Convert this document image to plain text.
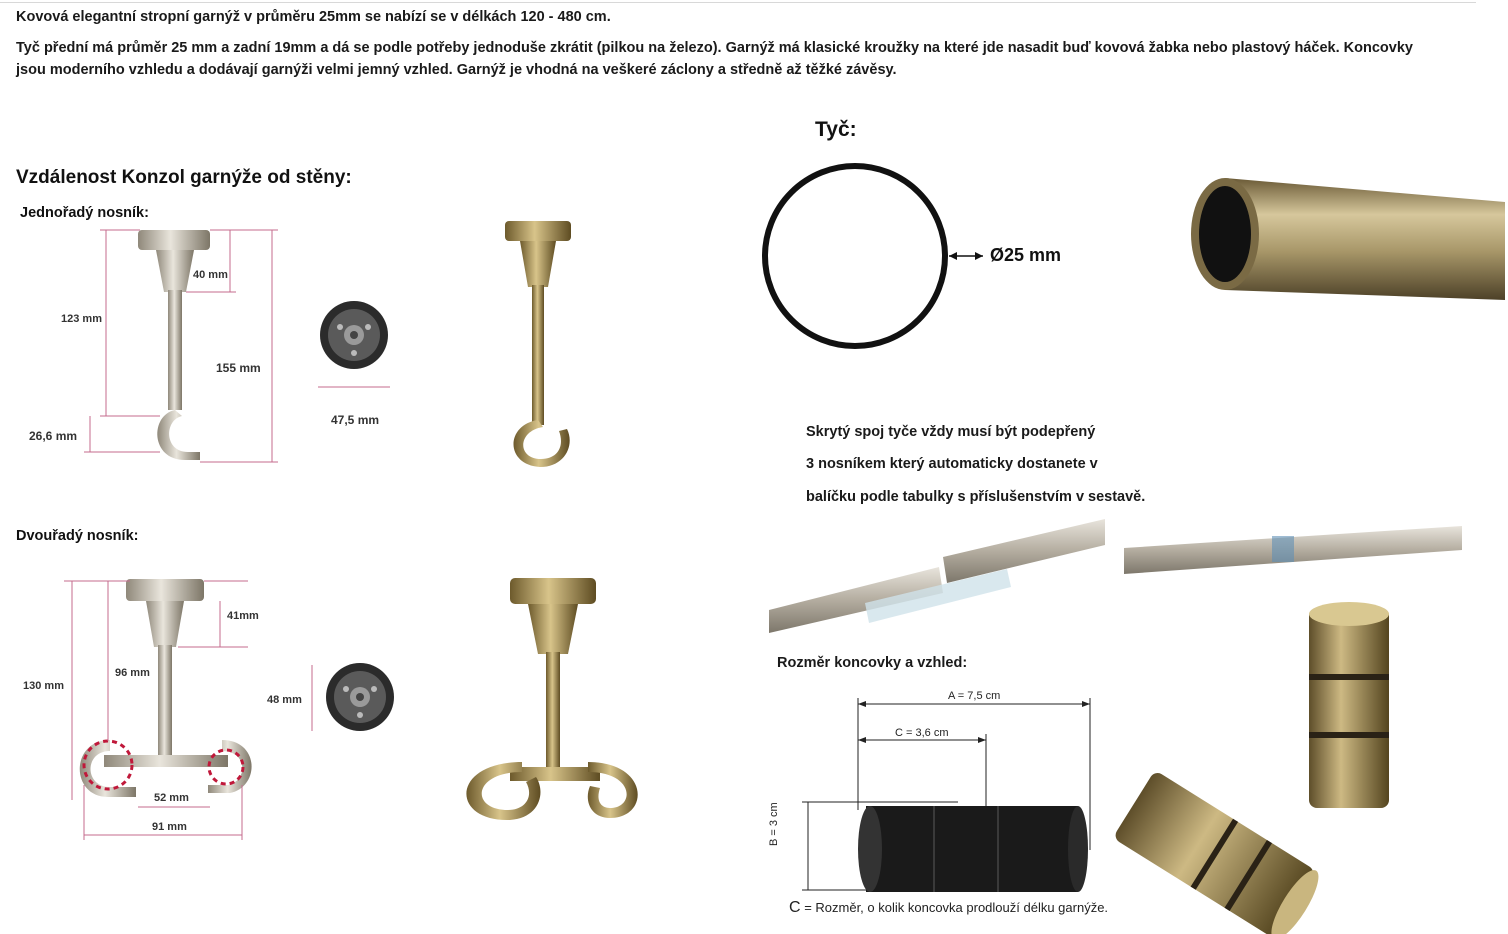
Kovová elegantní stropní garnýž v průměru 25mm se nabízí se v délkách 120 - 480 cm.
Tyč přední má průměr 25 mm a zadní 19mm a dá se podle potřeby jednoduše zkrátit (pilkou na železo). Garnýž má klasické kroužky na které jde nasadit buď kovová žabka nebo plastový háček. Koncovky
jsou moderního vzhledu a dodávají garnýži velmi jemný vzhled. Garnýž je vhodná na veškeré záclony a středně až těžké závěsy.
Vzdálenost Konzol garnýže od stěny:
Jednořadý nosník:
Dvouřadý nosník:
40 mm
123 mm
155 mm
26,6 mm
47,5 mm
41mm
96 mm
130 mm
52 mm
91 mm
48 mm
Tyč:
Ø25 mm
Skrytý spoj tyče vždy musí být podepřený
3 nosníkem který automaticky dostanete v
balíčku podle tabulky s příslušenstvím v sestavě.
Rozměr koncovky a vzhled:
A = 7,5 cm
C = 3,6 cm
B = 3 cm
C = Rozměr, o kolik koncovka prodlouží délku garnýže.
